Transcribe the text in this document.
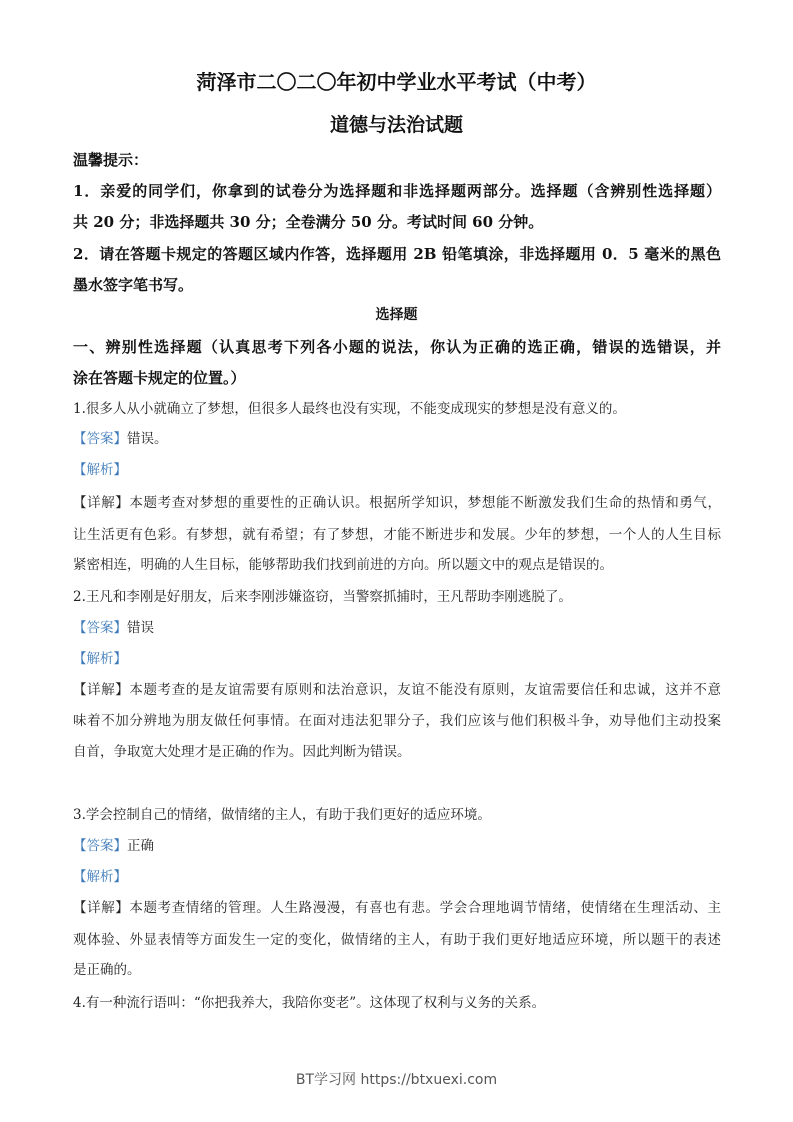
菏泽市二〇二〇年初中学业水平考试（中考）
道德与法治试题
温馨提示：
1．亲爱的同学们，你拿到的试卷分为选择题和非选择题两部分。选择题（含辨别性选择题）
共 20 分；非选择题共 30 分；全卷满分 50 分。考试时间 60 分钟。
2．请在答题卡规定的答题区域内作答，选择题用 2B 铅笔填涂，非选择题用 0．5 毫米的黑色
墨水签字笔书写。
选择题
一、辨别性选择题（认真思考下列各小题的说法，你认为正确的选正确，错误的选错误，并
涂在答题卡规定的位置。）
1.很多人从小就确立了梦想，但很多人最终也没有实现，不能变成现实的梦想是没有意义的。
【答案】错误。
【解析】
【详解】本题考查对梦想的重要性的正确认识。根据所学知识，梦想能不断激发我们生命的热情和勇气，
让生活更有色彩。有梦想，就有希望；有了梦想，才能不断进步和发展。少年的梦想，一个人的人生目标
紧密相连，明确的人生目标，能够帮助我们找到前进的方向。所以题文中的观点是错误的。
2.王凡和李刚是好朋友，后来李刚涉嫌盗窃，当警察抓捕时，王凡帮助李刚逃脱了。
【答案】错误
【解析】
【详解】本题考查的是友谊需要有原则和法治意识，友谊不能没有原则，友谊需要信任和忠诚，这并不意
味着不加分辨地为朋友做任何事情。在面对违法犯罪分子，我们应该与他们积极斗争，劝导他们主动投案
自首，争取宽大处理才是正确的作为。因此判断为错误。
3.学会控制自己的情绪，做情绪的主人，有助于我们更好的适应环境。
【答案】正确
【解析】
【详解】本题考查情绪的管理。人生路漫漫，有喜也有悲。学会合理地调节情绪，使情绪在生理活动、主
观体验、外显表情等方面发生一定的变化，做情绪的主人，有助于我们更好地适应环境，所以题干的表述
是正确的。
4.有一种流行语叫：“你把我养大，我陪你变老”。这体现了权利与义务的关系。
BT学习网 https://btxuexi.com
